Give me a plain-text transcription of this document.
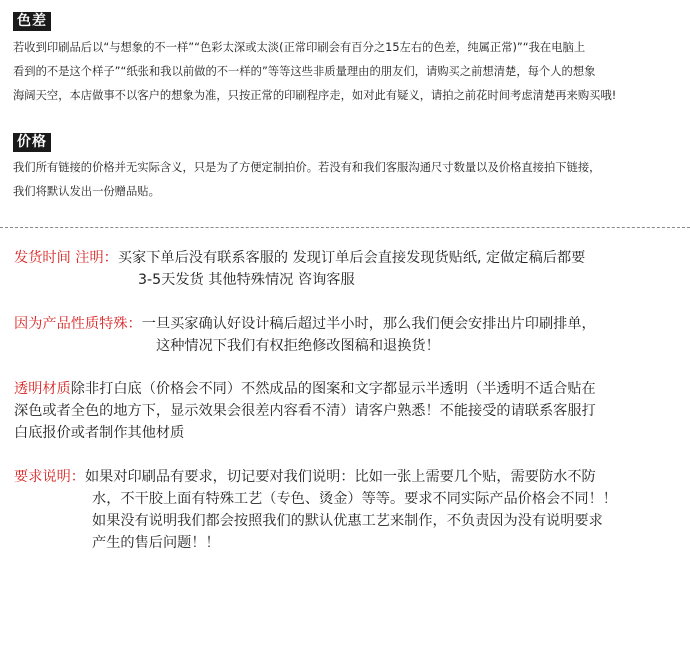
色差

若收到印刷品后以“与想象的不一样”“色彩太深或太淡(正常印刷会有百分之15左右的色差，纯属正常)”“我在电脑上
看到的不是这个样子”“纸张和我以前做的不一样的”等等这些非质量理由的朋友们，请购买之前想清楚，每个人的想象
海阔天空，本店做事不以客户的想象为准，只按正常的印刷程序走，如对此有疑义，请拍之前花时间考虑清楚再来购买哦!

价格

我们所有链接的价格并无实际含义，只是为了方便定制拍价。若没有和我们客服沟通尺寸数量以及价格直接拍下链接，
我们将默认发出一份赠品贴。

发货时间 注明：买家下单后没有联系客服的 发现订单后会直接发现货贴纸, 定做定稿后都要
3-5天发货 其他特殊情况 咨询客服
因为产品性质特殊：一旦买家确认好设计稿后超过半小时，那么我们便会安排出片印刷排单，
这种情况下我们有权拒绝修改图稿和退换货！
透明材质除非打白底（价格会不同）不然成品的图案和文字都显示半透明（半透明不适合贴在
深色或者全色的地方下，显示效果会很差内容看不清）请客户熟悉！不能接受的请联系客服打
白底报价或者制作其他材质
要求说明：如果对印刷品有要求，切记要对我们说明：比如一张上需要几个贴，需要防水不防
水，不干胶上面有特殊工艺（专色、烫金）等等。要求不同实际产品价格会不同！！
如果没有说明我们都会按照我们的默认优惠工艺来制作，不负责因为没有说明要求
产生的售后问题！！
